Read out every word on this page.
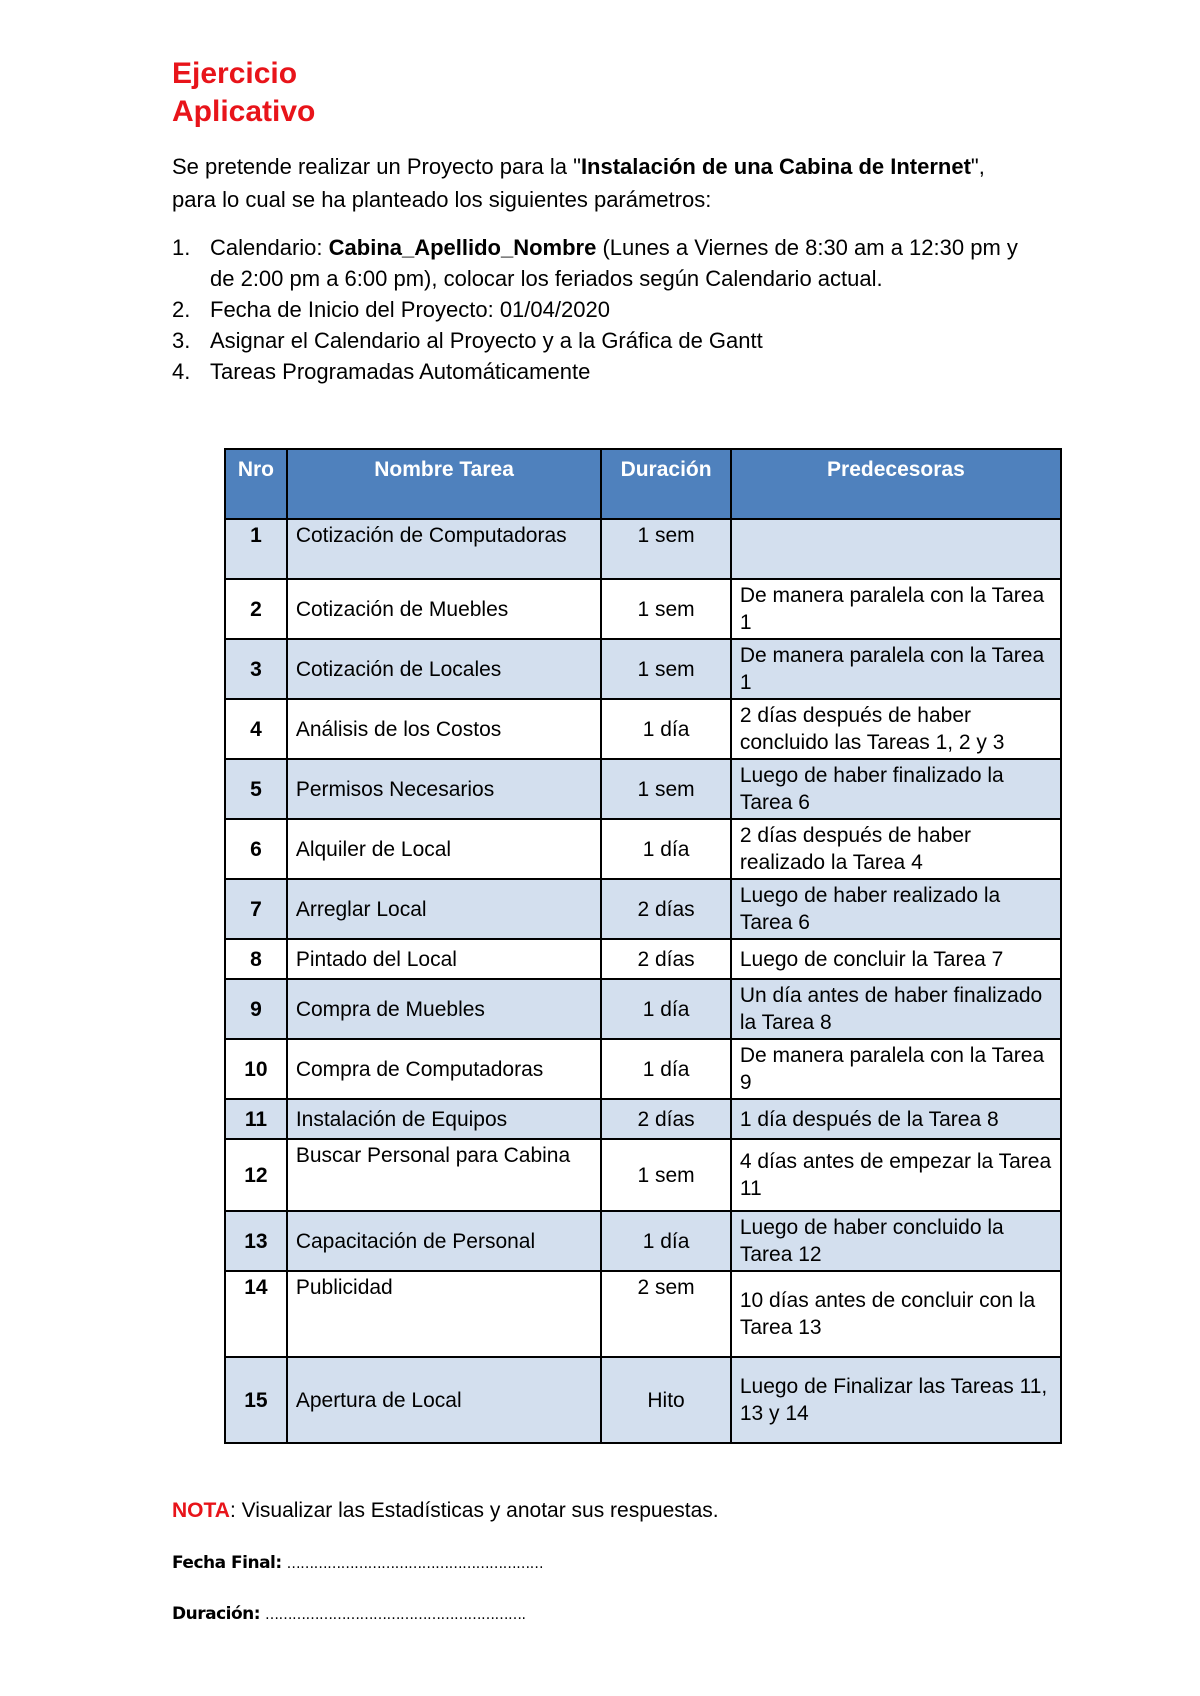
Ejercicio
Aplicativo
Se pretende realizar un Proyecto para la "Instalación de una Cabina de Internet", para lo cual se ha planteado los siguientes parámetros:
1. Calendario: Cabina_Apellido_Nombre (Lunes a Viernes de 8:30 am a 12:30 pm y de 2:00 pm a 6:00 pm), colocar los feriados según Calendario actual.
2. Fecha de Inicio del Proyecto: 01/04/2020
3. Asignar el Calendario al Proyecto y a la Gráfica de Gantt
4. Tareas Programadas Automáticamente
Nro	Nombre Tarea	Duración	Predecesoras
1	Cotización de Computadoras	1 sem	
2	Cotización de Muebles	1 sem	De manera paralela con la Tarea 1
3	Cotización de Locales	1 sem	De manera paralela con la Tarea 1
4	Análisis de los Costos	1 día	2 días después de haber concluido las Tareas 1, 2 y 3
5	Permisos Necesarios	1 sem	Luego de haber finalizado la Tarea 6
6	Alquiler de Local	1 día	2 días después de haber realizado la Tarea 4
7	Arreglar Local	2 días	Luego de haber realizado la Tarea 6
8	Pintado del Local	2 días	Luego de concluir la Tarea 7
9	Compra de Muebles	1 día	Un día antes de haber finalizado la Tarea 8
10	Compra de Computadoras	1 día	De manera paralela con la Tarea 9
11	Instalación de Equipos	2 días	1 día después de la Tarea 8
12	Buscar Personal para Cabina	1 sem	4 días antes de empezar la Tarea 11
13	Capacitación de Personal	1 día	Luego de haber concluido la Tarea 12
14	Publicidad	2 sem	10 días antes de concluir con la Tarea 13
15	Apertura de Local	Hito	Luego de Finalizar las Tareas 11, 13 y 14
NOTA: Visualizar las Estadísticas y anotar sus respuestas.
Fecha Final: …………………………………………………
Duración: ………………………………………………….
